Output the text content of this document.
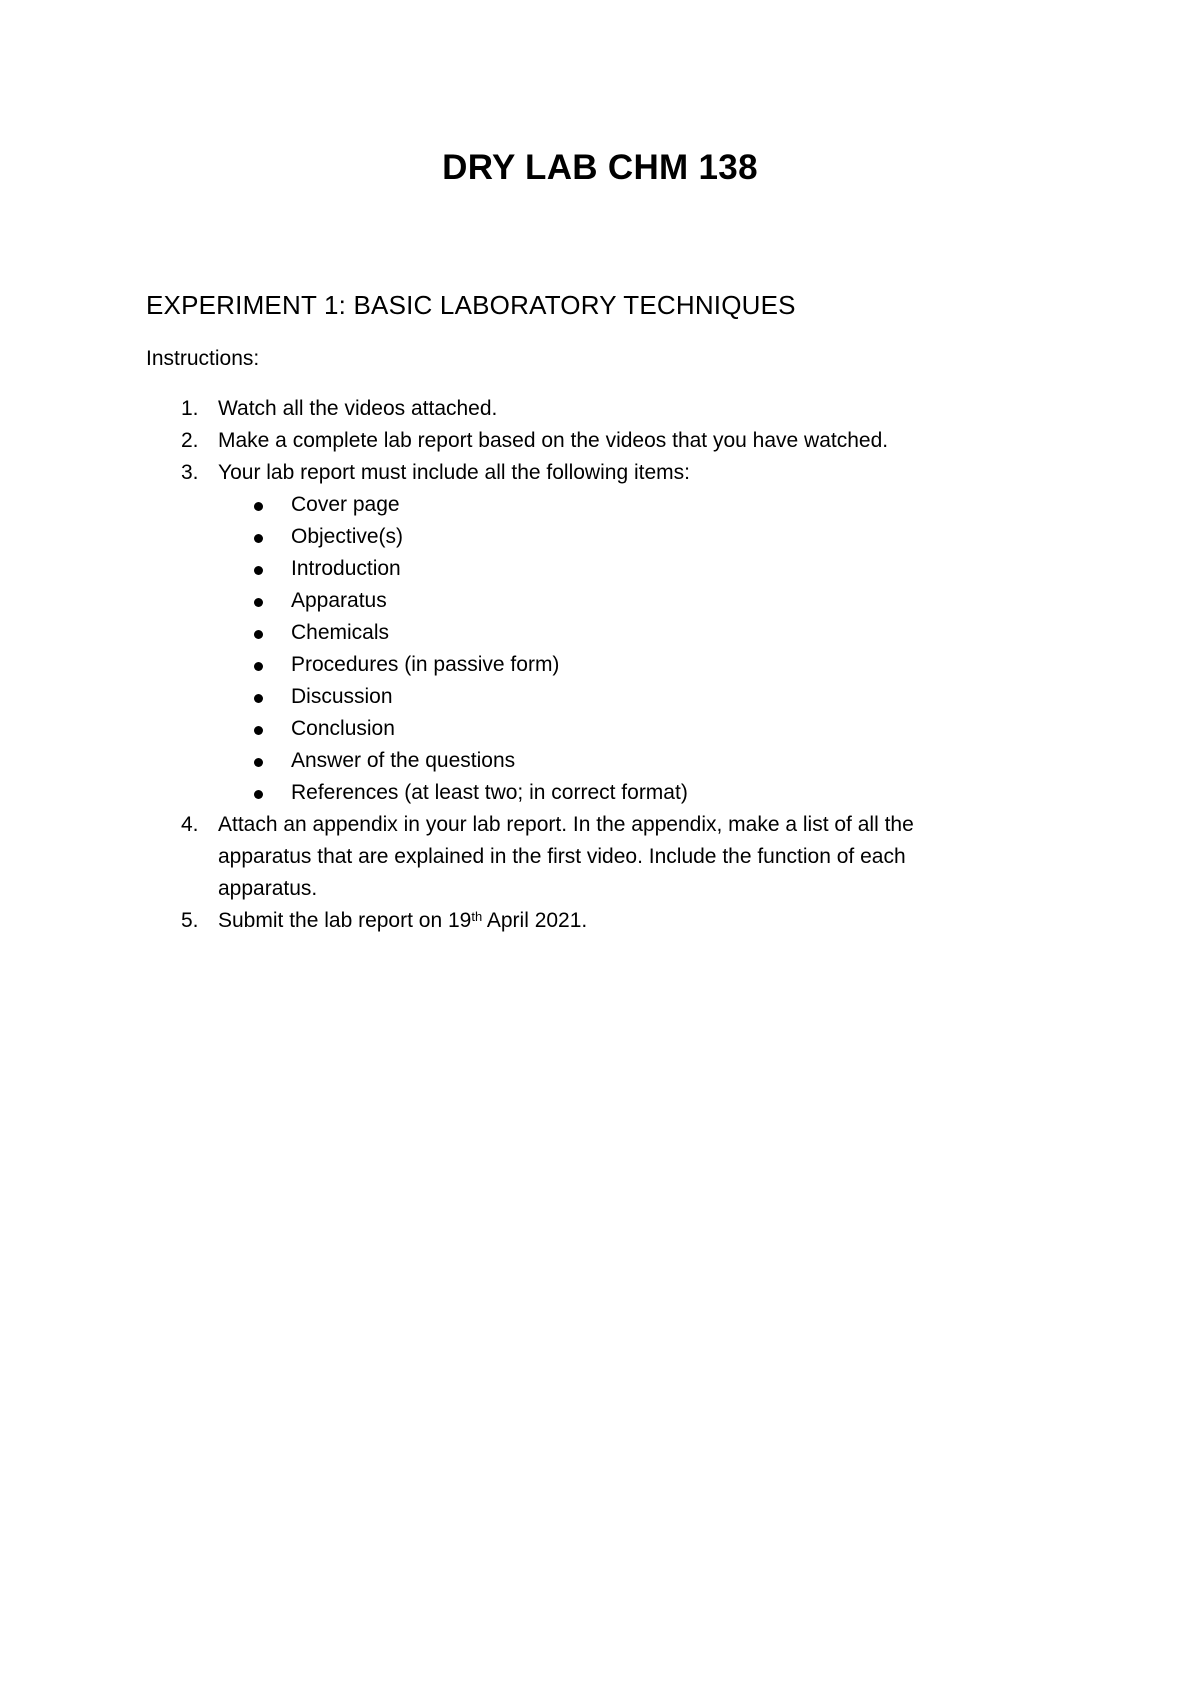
DRY LAB CHM 138
EXPERIMENT 1: BASIC LABORATORY TECHNIQUES

Instructions:

1. Watch all the videos attached.
2. Make a complete lab report based on the videos that you have watched.
3. Your lab report must include all the following items:
Cover page
Objective(s)
Introduction
Apparatus
Chemicals
Procedures (in passive form)
Discussion
Conclusion
Answer of the questions
References (at least two; in correct format)
4. Attach an appendix in your lab report. In the appendix, make a list of all the
apparatus that are explained in the first video. Include the function of each
apparatus.
5. Submit the lab report on 19th April 2021.
